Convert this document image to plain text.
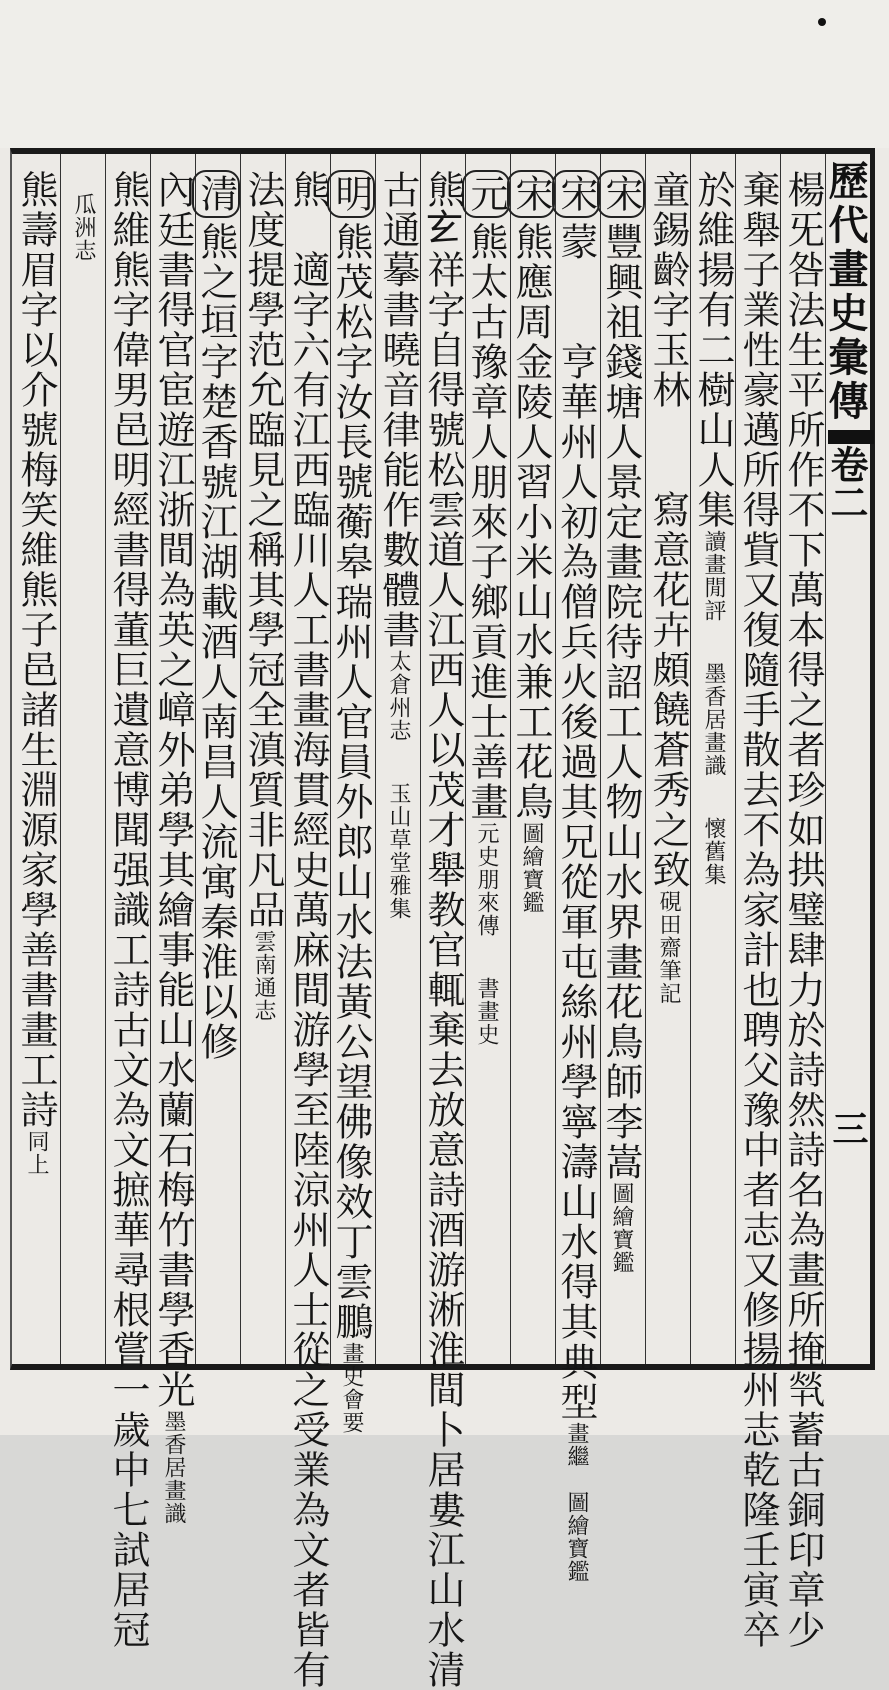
歷代畫史彙傳
卷二
三
楊旡咎法生平所作不下萬本得之者珍如拱璧肆力於詩然詩名為畫所掩㷀蓄古銅印章少
棄舉子業性豪邁所得貲又復隨手散去不為家計也聘父豫中者志又修揚州志乾隆壬寅卒
於維揚有二樹山人集讀畫閒評　墨香居畫識　懷舊集
童錫齡字玉林　　寫意花卉頗饒蒼秀之致硯田齋筆記
宋豐興祖錢塘人景定畫院待詔工人物山水界畫花鳥師李嵩圖繪寶鑑
宋蒙　　亨華州人初為僧兵火後過其兄從軍屯絲州學寧濤山水得其典型畫繼　圖繪寶鑑
宋熊應周金陵人習小米山水兼工花鳥圖繪寶鑑
元熊太古豫章人朋來子鄉貢進士善畫元史朋來傳　書畫史
熊𤣥祥字自得號松雲道人江西人以茂才舉教官輒棄去放意詩酒游淅淮間卜居婁江山水清
古通摹書曉音律能作數體書太倉州志　玉山草堂雅集
明熊茂松字汝長號蘅皋瑞州人官員外郎山水法黃公望佛像效丁雲鵬畫史會要
熊　適字六有江西臨川人工書畫海貫經史萬麻間游學至陸涼州人士從之受業為文者皆有
法度提學范允臨見之稱其學冠全滇質非凡品雲南通志
清熊之垣字楚香號江湖載酒人南昌人流寓秦淮以修
內廷書得官宦遊江浙間為英之嶂外弟學其繪事能山水蘭石梅竹書學香光墨香居畫識
熊維熊字偉男邑明經書得董巨遺意博聞强識工詩古文為文摭華尋根嘗一歲中七試居冠
　瓜洲志
熊壽眉字以介號梅笑維熊子邑諸生淵源家學善書畫工詩同上
